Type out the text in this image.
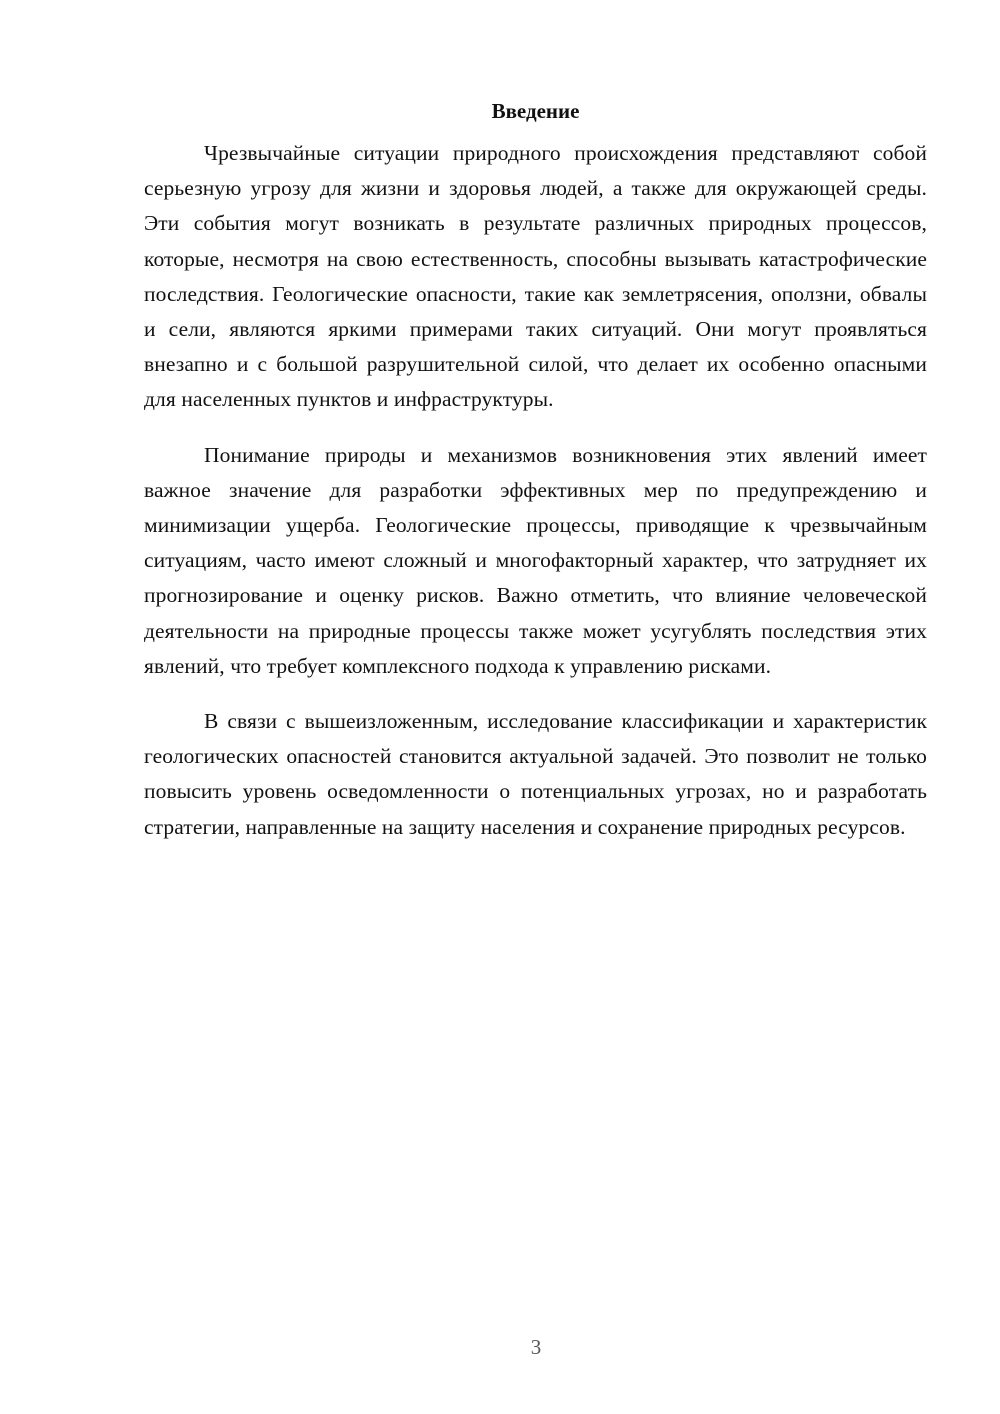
Введение

Чрезвычайные ситуации природного происхождения представляют собой серьезную угрозу для жизни и здоровья людей, а также для окружающей среды. Эти события могут возникать в результате различных природных процессов, которые, несмотря на свою естественность, способны вызывать катастрофические последствия. Геологические опасности, такие как землетрясения, оползни, обвалы и сели, являются яркими примерами таких ситуаций. Они могут проявляться внезапно и с большой разрушительной силой, что делает их особенно опасными для населенных пунктов и инфраструктуры.

Понимание природы и механизмов возникновения этих явлений имеет важное значение для разработки эффективных мер по предупреждению и минимизации ущерба. Геологические процессы, приводящие к чрезвычайным ситуациям, часто имеют сложный и многофакторный характер, что затрудняет их прогнозирование и оценку рисков. Важно отметить, что влияние человеческой деятельности на природные процессы также может усугублять последствия этих явлений, что требует комплексного подхода к управлению рисками.

В связи с вышеизложенным, исследование классификации и характеристик геологических опасностей становится актуальной задачей. Это позволит не только повысить уровень осведомленности о потенциальных угрозах, но и разработать стратегии, направленные на защиту населения и сохранение природных ресурсов.

3
